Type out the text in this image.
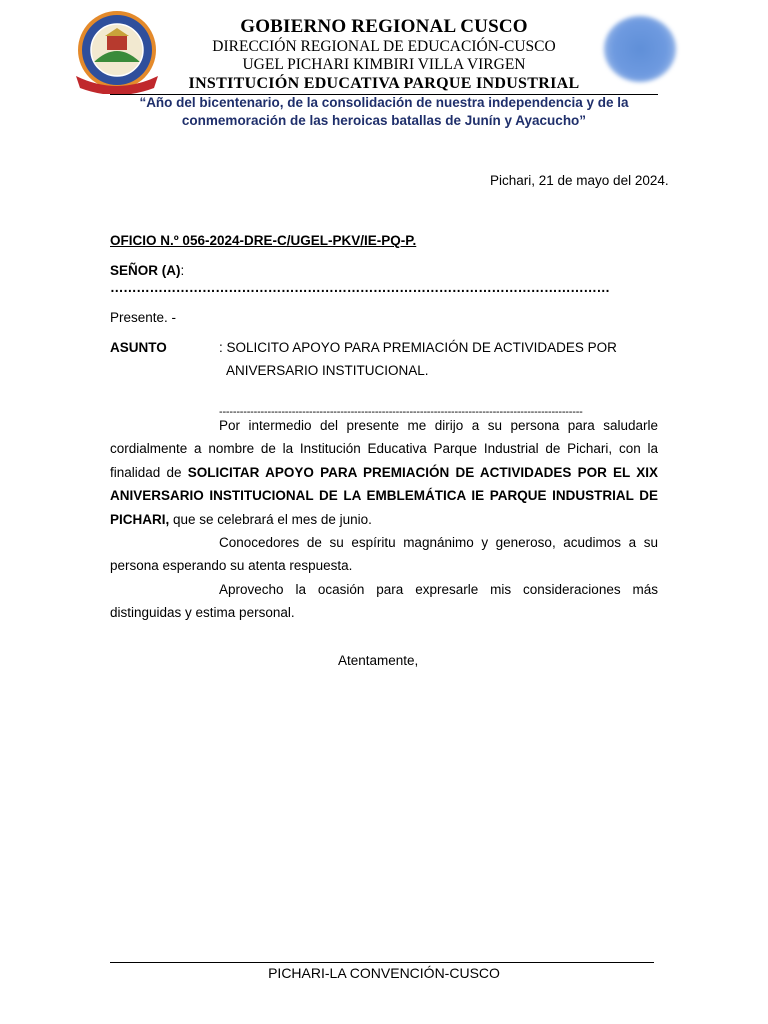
GOBIERNO REGIONAL CUSCO
DIRECCIÓN REGIONAL DE EDUCACIÓN-CUSCO
UGEL PICHARI KIMBIRI VILLA VIRGEN
INSTITUCIÓN EDUCATIVA PARQUE INDUSTRIAL
“Año del bicentenario, de la consolidación de nuestra independencia y de la conmemoración de las heroicas batallas de Junín y Ayacucho”
Pichari, 21 de mayo del 2024.
OFICIO N.º 056-2024-DRE-C/UGEL-PKV/IE-PQ-P.
SEÑOR (A):
……………………………………………………………………………………………………
Presente. -
ASUNTO	: SOLICITO APOYO PARA PREMIACIÓN DE ACTIVIDADES POR
ANIVERSARIO INSTITUCIONAL.
---------------------------------------------------------------------------------------------------------
Por intermedio del presente me dirijo a su persona para saludarle cordialmente a nombre de la Institución Educativa Parque Industrial de Pichari, con la finalidad de SOLICITAR APOYO PARA PREMIACIÓN DE ACTIVIDADES POR EL XIX ANIVERSARIO INSTITUCIONAL DE LA EMBLEMÁTICA IE PARQUE INDUSTRIAL DE PICHARI, que se celebrará el mes de junio.
Conocedores de su espíritu magnánimo y generoso, acudimos a su persona esperando su atenta respuesta.
Aprovecho la ocasión para expresarle mis consideraciones más distinguidas y estima personal.
Atentamente,
PICHARI-LA CONVENCIÓN-CUSCO
